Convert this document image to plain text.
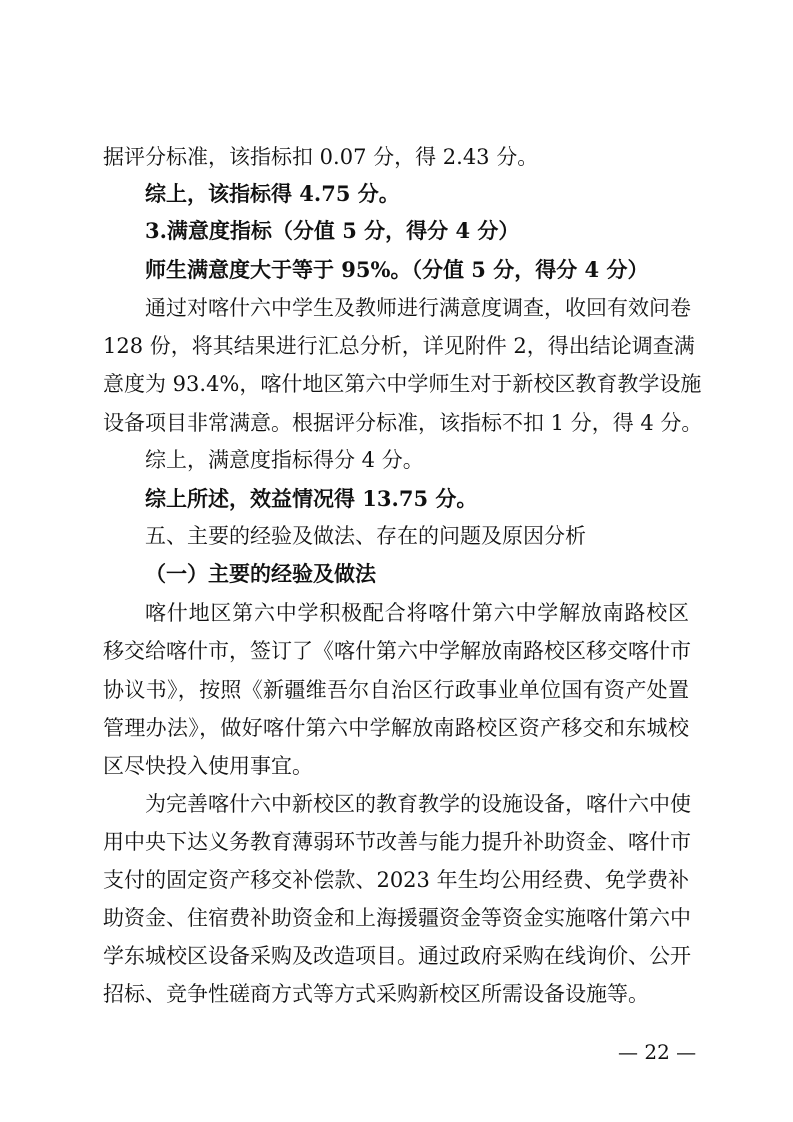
据评分标准，该指标扣 0.07 分，得 2.43 分。
综上，该指标得 4.75 分。
3.满意度指标（分值 5 分，得分 4 分）
师生满意度大于等于 95%。（分值 5 分，得分 4 分）
通过对喀什六中学生及教师进行满意度调查，收回有效问卷
128 份，将其结果进行汇总分析，详见附件 2，得出结论调查满
意度为 93.4%，喀什地区第六中学师生对于新校区教育教学设施
设备项目非常满意。根据评分标准，该指标不扣 1 分，得 4 分。
综上，满意度指标得分 4 分。
综上所述，效益情况得 13.75 分。
五、主要的经验及做法、存在的问题及原因分析
（一）主要的经验及做法
喀什地区第六中学积极配合将喀什第六中学解放南路校区
移交给喀什市，签订了《喀什第六中学解放南路校区移交喀什市
协议书》，按照《新疆维吾尔自治区行政事业单位国有资产处置
管理办法》，做好喀什第六中学解放南路校区资产移交和东城校
区尽快投入使用事宜。
为完善喀什六中新校区的教育教学的设施设备，喀什六中使
用中央下达义务教育薄弱环节改善与能力提升补助资金、喀什市
支付的固定资产移交补偿款、2023 年生均公用经费、免学费补
助资金、住宿费补助资金和上海援疆资金等资金实施喀什第六中
学东城校区设备采购及改造项目。通过政府采购在线询价、公开
招标、竞争性磋商方式等方式采购新校区所需设备设施等。
— 22 —
